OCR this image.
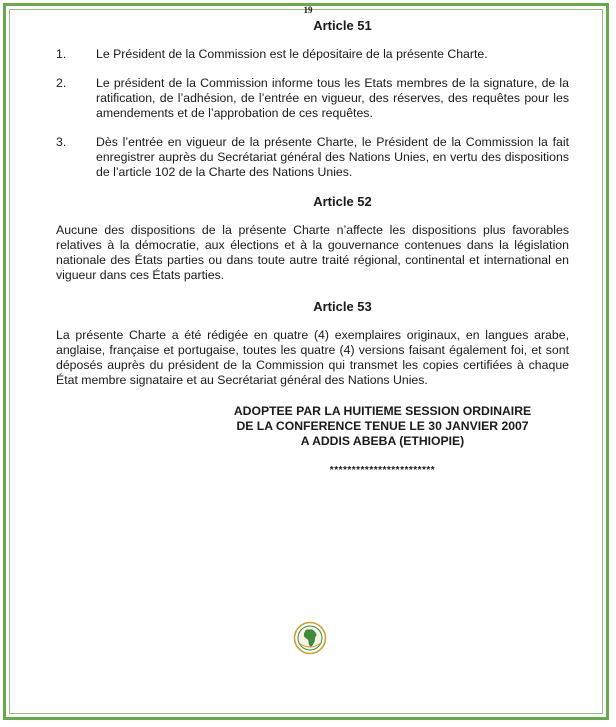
19
Article 51
1.	Le Président de la Commission est le dépositaire de la présente Charte.
2.	Le président de la Commission informe tous les Etats membres de la signature, de la ratification, de l’adhésion, de l’entrée en vigueur, des réserves, des requêtes pour les amendements et de l’approbation de ces requêtes.
3.	Dès l’entrée en vigueur de la présente Charte, le Président de la Commission la fait enregistrer auprès du Secrétariat général des Nations Unies, en vertu des dispositions de l’article 102 de la Charte des Nations Unies.
Article 52

Aucune des dispositions de la présente Charte n’affecte les dispositions plus favorables relatives à la démocratie, aux élections et à la gouvernance contenues dans la législation nationale des États parties ou dans toute autre traité régional, continental et international en vigueur dans ces États parties.

Article 53

La présente Charte a été rédigée en quatre (4) exemplaires originaux, en langues arabe, anglaise, française et portugaise, toutes les quatre (4) versions faisant également foi, et sont déposés auprès du président de la Commission qui transmet les copies certifiées à chaque État membre signataire et au Secrétariat général des Nations Unies.

ADOPTEE PAR LA HUITIEME SESSION ORDINAIRE
DE LA CONFERENCE TENUE LE 30 JANVIER 2007
A ADDIS ABEBA (ETHIOPIE)
************************
